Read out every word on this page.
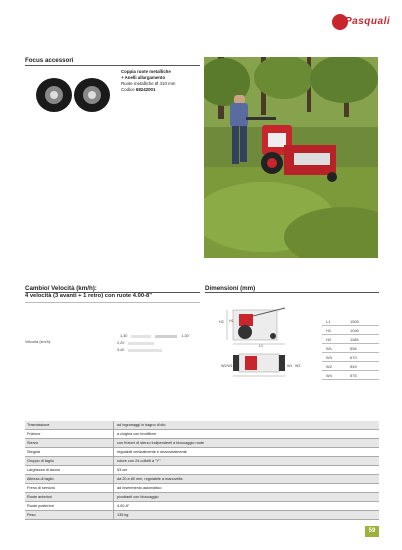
Pasquali
Focus accessori
Coppia ruote metalliche
+ Anelli allargamento
Ruote metalliche Ø 410 mm
Codice 68242001
Cambio/ Velocità (km/h):
4 velocità (3 avanti + 1 retro) con ruote 4.00-8"
Velocità (km/h):
1,30	1,30
2,20
3,40
Dimensioni (mm)
H2 H1
L1
W2/W1	W1 W2
L1	1500
H1	1040
H2	1185
W1	556
W3	670
W2	545
W4	575
Trasmissione	ad ingranaggi in bagno d'olio
Frizione	a cinghia con tendiltore
Sterzo	con frizioni di sterzo indipendenti a bloccaggio ruote
Stegola	regolabili verticalmente e orizzontalmente
Gruppo di taglio	rotore con 24 coltelli a "Y"
Larghezza di lavoro	53 cm
Altezza di taglio	da 20 a 80 mm, regolabile a manovella
Freno di servizio	ad inserimento automatico
Ruote anteriori	pivottanti con bloccaggio
Ruote posteriori	4.00-8"
Peso	135 kg
59
